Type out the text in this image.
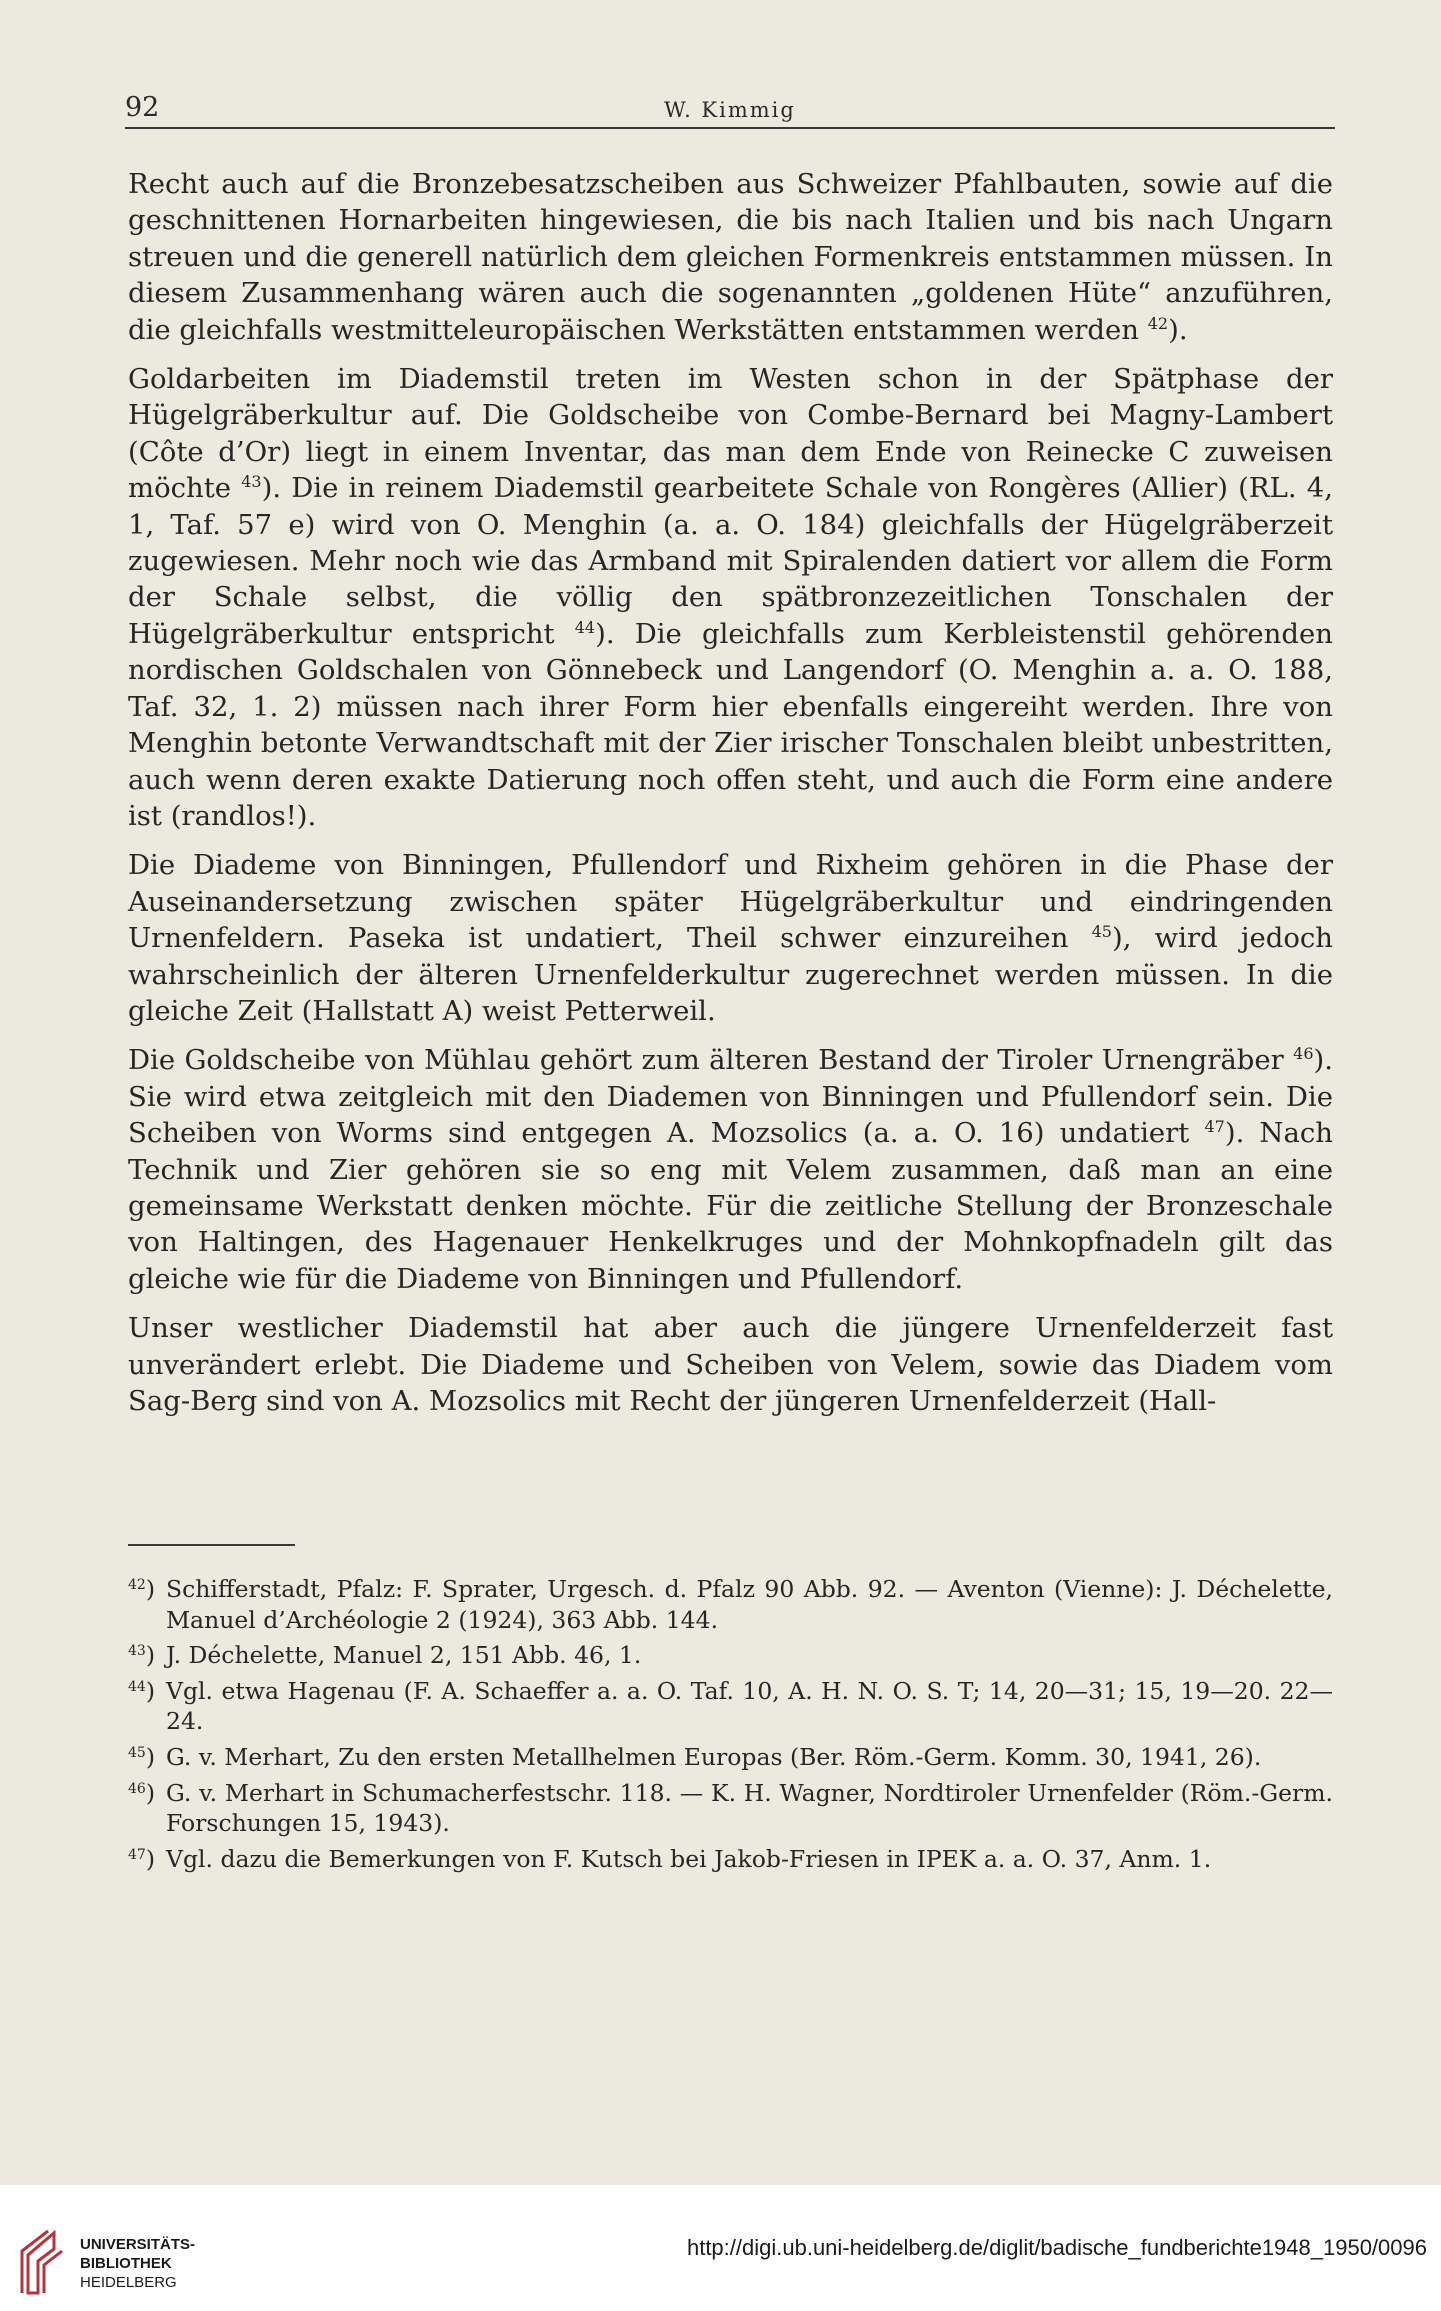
92	W. Kimmig

Recht auch auf die Bronzebesatzscheiben aus Schweizer Pfahlbauten, sowie auf die geschnittenen Hornarbeiten hingewiesen, die bis nach Italien und bis nach Ungarn streuen und die generell natürlich dem gleichen Formenkreis entstammen müssen. In diesem Zusammenhang wären auch die sogenannten „goldenen Hüte“ anzuführen, die gleichfalls westmitteleuropäischen Werkstätten entstammen werden $^{42}$).

Goldarbeiten im Diademstil treten im Westen schon in der Spätphase der Hügelgräberkultur auf. Die Goldscheibe von Combe-Bernard bei Magny-Lambert (Côte d’Or) liegt in einem Inventar, das man dem Ende von Reinecke C zuweisen möchte $^{43}$). Die in reinem Diademstil gearbeitete Schale von Rongères (Allier) (RL. 4, 1, Taf. 57 e) wird von O. Menghin (a. a. O. 184) gleichfalls der Hügelgräberzeit zugewiesen. Mehr noch wie das Armband mit Spiralenden datiert vor allem die Form der Schale selbst, die völlig den spätbronzezeitlichen Tonschalen der Hügelgräberkultur entspricht $^{44}$). Die gleichfalls zum Kerbleistenstil gehörenden nordischen Goldschalen von Gönnebeck und Langendorf (O. Menghin a. a. O. 188, Taf. 32, 1. 2) müssen nach ihrer Form hier ebenfalls eingereiht werden. Ihre von Menghin betonte Verwandtschaft mit der Zier irischer Tonschalen bleibt unbestritten, auch wenn deren exakte Datierung noch offen steht, und auch die Form eine andere ist (randlos!).

Die Diademe von Binningen, Pfullendorf und Rixheim gehören in die Phase der Auseinandersetzung zwischen später Hügelgräberkultur und eindringenden Urnenfeldern. Paseka ist undatiert, Theil schwer einzureihen $^{45}$), wird jedoch wahrscheinlich der älteren Urnenfelderkultur zugerechnet werden müssen. In die gleiche Zeit (Hallstatt A) weist Petterweil.

Die Goldscheibe von Mühlau gehört zum älteren Bestand der Tiroler Urnengräber $^{46}$). Sie wird etwa zeitgleich mit den Diademen von Binningen und Pfullendorf sein. Die Scheiben von Worms sind entgegen A. Mozsolics (a. a. O. 16) undatiert $^{47}$). Nach Technik und Zier gehören sie so eng mit Velem zusammen, daß man an eine gemeinsame Werkstatt denken möchte. Für die zeitliche Stellung der Bronzeschale von Haltingen, des Hagenauer Henkelkruges und der Mohnkopfnadeln gilt das gleiche wie für die Diademe von Binningen und Pfullendorf.

Unser westlicher Diademstil hat aber auch die jüngere Urnenfelderzeit fast unverändert erlebt. Die Diademe und Scheiben von Velem, sowie das Diadem vom Sag-Berg sind von A. Mozsolics mit Recht der jüngeren Urnenfelderzeit (Hall-

$^{42}$) Schifferstadt, Pfalz: F. Sprater, Urgesch. d. Pfalz 90 Abb. 92. — Aventon (Vienne): J. Déchelette, Manuel d’Archéologie 2 (1924), 363 Abb. 144.
$^{43}$) J. Déchelette, Manuel 2, 151 Abb. 46, 1.
$^{44}$) Vgl. etwa Hagenau (F. A. Schaeffer a. a. O. Taf. 10, A. H. N. O. S. T; 14, 20—31; 15, 19—20. 22—24.
$^{45}$) G. v. Merhart, Zu den ersten Metallhelmen Europas (Ber. Röm.-Germ. Komm. 30, 1941, 26).
$^{46}$) G. v. Merhart in Schumacherfestschr. 118. — K. H. Wagner, Nordtiroler Urnenfelder (Röm.-Germ. Forschungen 15, 1943).
$^{47}$) Vgl. dazu die Bemerkungen von F. Kutsch bei Jakob-Friesen in IPEK a. a. O. 37, Anm. 1.
UNIVERSITÄTS-
BIBLIOTHEK
HEIDELBERG
http://digi.ub.uni-heidelberg.de/diglit/badische_fundberichte1948_1950/0096
